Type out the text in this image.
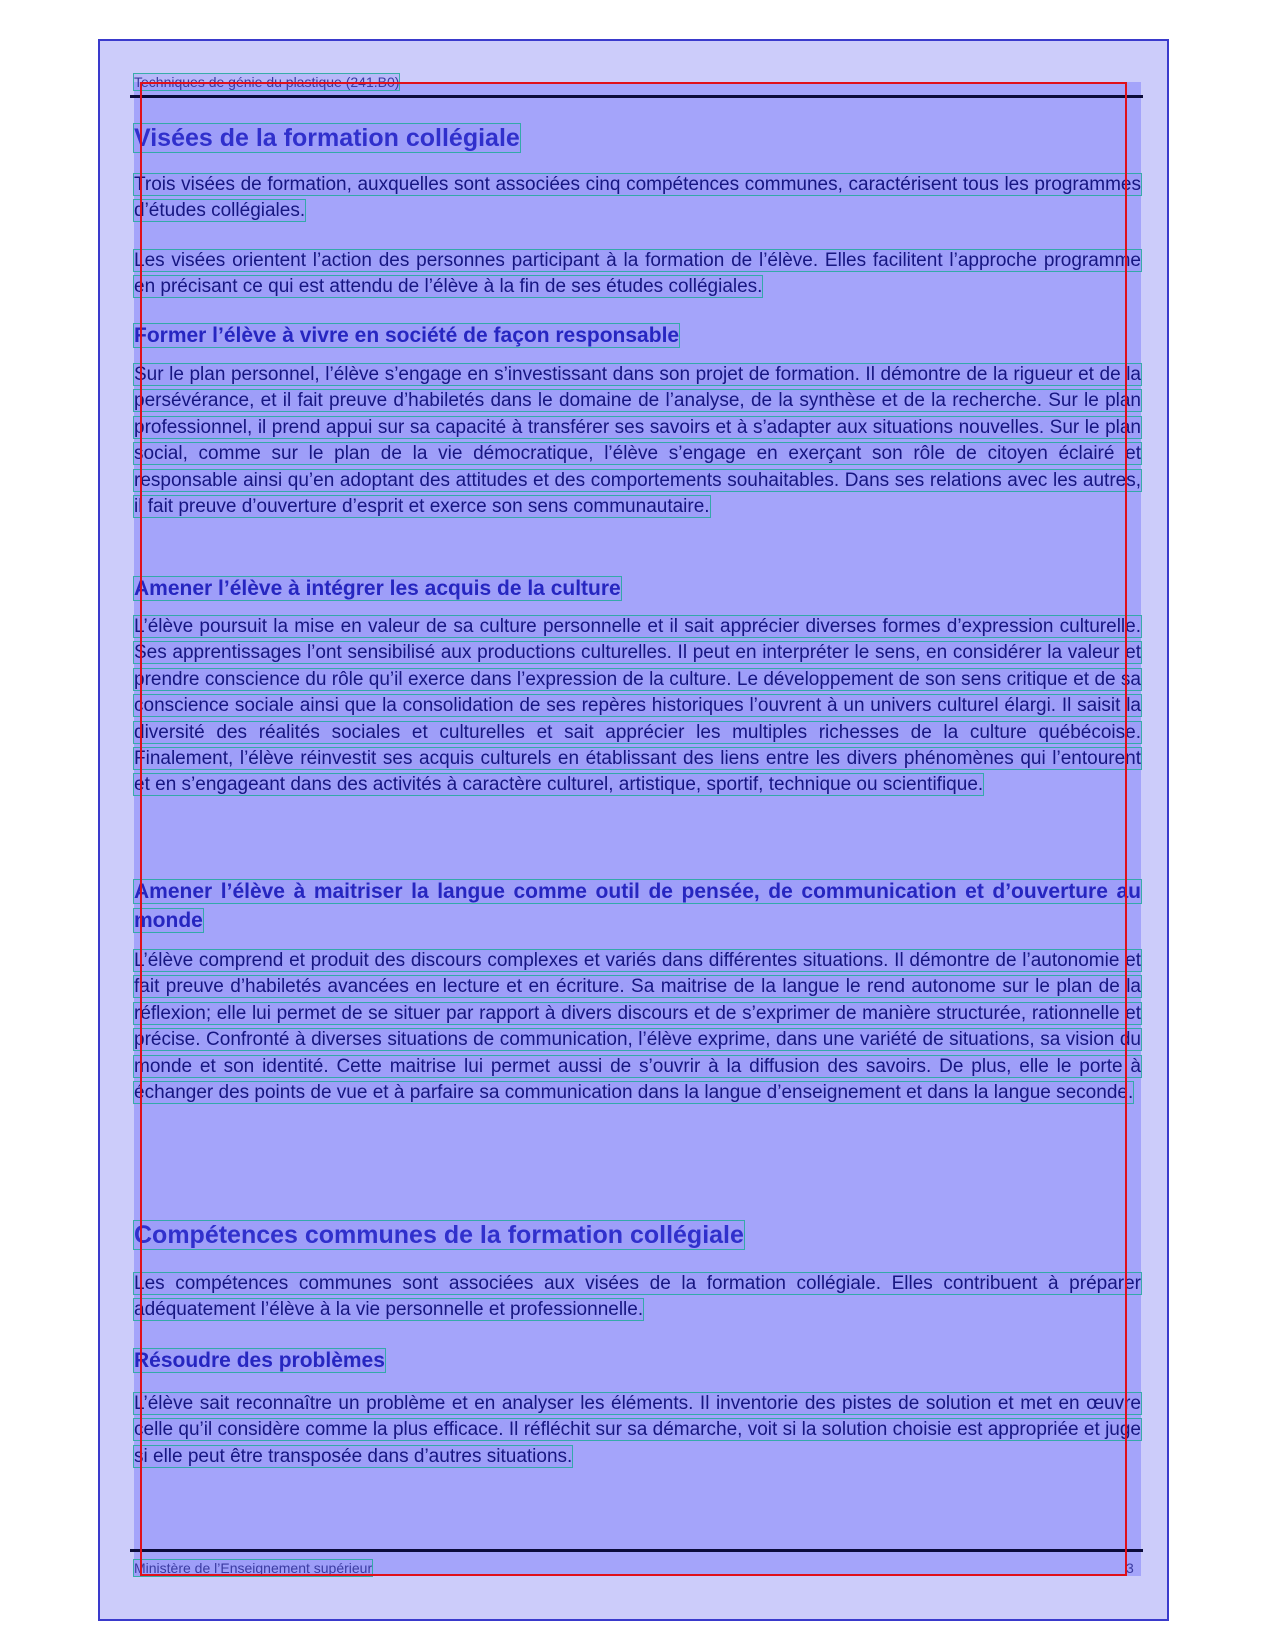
Techniques de génie du plastique (241.B0)

Visées de la formation collégiale

Trois visées de formation, auxquelles sont associées cinq compétences communes, caractérisent tous les programmes d’études collégiales.

Les visées orientent l’action des personnes participant à la formation de l’élève. Elles facilitent l’approche programme en précisant ce qui est attendu de l’élève à la fin de ses études collégiales.

Former l’élève à vivre en société de façon responsable

Sur le plan personnel, l’élève s’engage en s’investissant dans son projet de formation. Il démontre de la rigueur et de la persévérance, et il fait preuve d’habiletés dans le domaine de l’analyse, de la synthèse et de la recherche. Sur le plan professionnel, il prend appui sur sa capacité à transférer ses savoirs et à s’adapter aux situations nouvelles. Sur le plan social, comme sur le plan de la vie démocratique, l’élève s’engage en exerçant son rôle de citoyen éclairé et responsable ainsi qu’en adoptant des attitudes et des comportements souhaitables. Dans ses relations avec les autres, il fait preuve d’ouverture d’esprit et exerce son sens communautaire.

Amener l’élève à intégrer les acquis de la culture

L’élève poursuit la mise en valeur de sa culture personnelle et il sait apprécier diverses formes d’expression culturelle. Ses apprentissages l’ont sensibilisé aux productions culturelles. Il peut en interpréter le sens, en considérer la valeur et prendre conscience du rôle qu’il exerce dans l’expression de la culture. Le développement de son sens critique et de sa conscience sociale ainsi que la consolidation de ses repères historiques l’ouvrent à un univers culturel élargi. Il saisit la diversité des réalités sociales et culturelles et sait apprécier les multiples richesses de la culture québécoise. Finalement, l’élève réinvestit ses acquis culturels en établissant des liens entre les divers phénomènes qui l’entourent et en s’engageant dans des activités à caractère culturel, artistique, sportif, technique ou scientifique.

Amener l’élève à maitriser la langue comme outil de pensée, de communication et d’ouverture au monde

L’élève comprend et produit des discours complexes et variés dans différentes situations. Il démontre de l’autonomie et fait preuve d’habiletés avancées en lecture et en écriture. Sa maitrise de la langue le rend autonome sur le plan de la réflexion; elle lui permet de se situer par rapport à divers discours et de s’exprimer de manière structurée, rationnelle et précise. Confronté à diverses situations de communication, l’élève exprime, dans une variété de situations, sa vision du monde et son identité. Cette maitrise lui permet aussi de s’ouvrir à la diffusion des savoirs. De plus, elle le porte à échanger des points de vue et à parfaire sa communication dans la langue d’enseignement et dans la langue seconde.

Compétences communes de la formation collégiale

Les compétences communes sont associées aux visées de la formation collégiale. Elles contribuent à préparer adéquatement l’élève à la vie personnelle et professionnelle.

Résoudre des problèmes

L’élève sait reconnaître un problème et en analyser les éléments. Il inventorie des pistes de solution et met en œuvre celle qu’il considère comme la plus efficace. Il réfléchit sur sa démarche, voit si la solution choisie est appropriée et juge si elle peut être transposée dans d’autres situations.

Ministère de l’Enseignement supérieur	3
